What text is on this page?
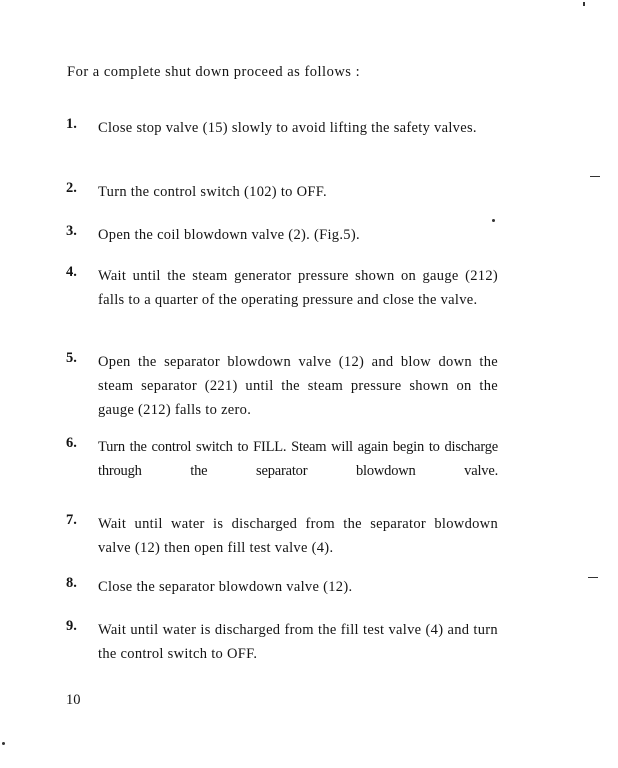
For a complete shut down proceed as follows :
1. Close stop valve (15) slowly to avoid lifting the safety valves.
2. Turn the control switch (102) to OFF.
3. Open the coil blowdown valve (2). (Fig.5).
4. Wait until the steam generator pressure shown on gauge (212) falls to a quarter of the operating pressure and close the valve.
5. Open the separator blowdown valve (12) and blow down the steam separator (221) until the steam pressure shown on the gauge (212) falls to zero.
6. Turn the control switch to FILL. Steam will again begin to discharge through the separator blowdown valve.
7. Wait until water is discharged from the separator blowdown valve (12) then open fill test valve (4).
8. Close the separator blowdown valve (12).
9. Wait until water is discharged from the fill test valve (4) and turn the control switch to OFF.
10
